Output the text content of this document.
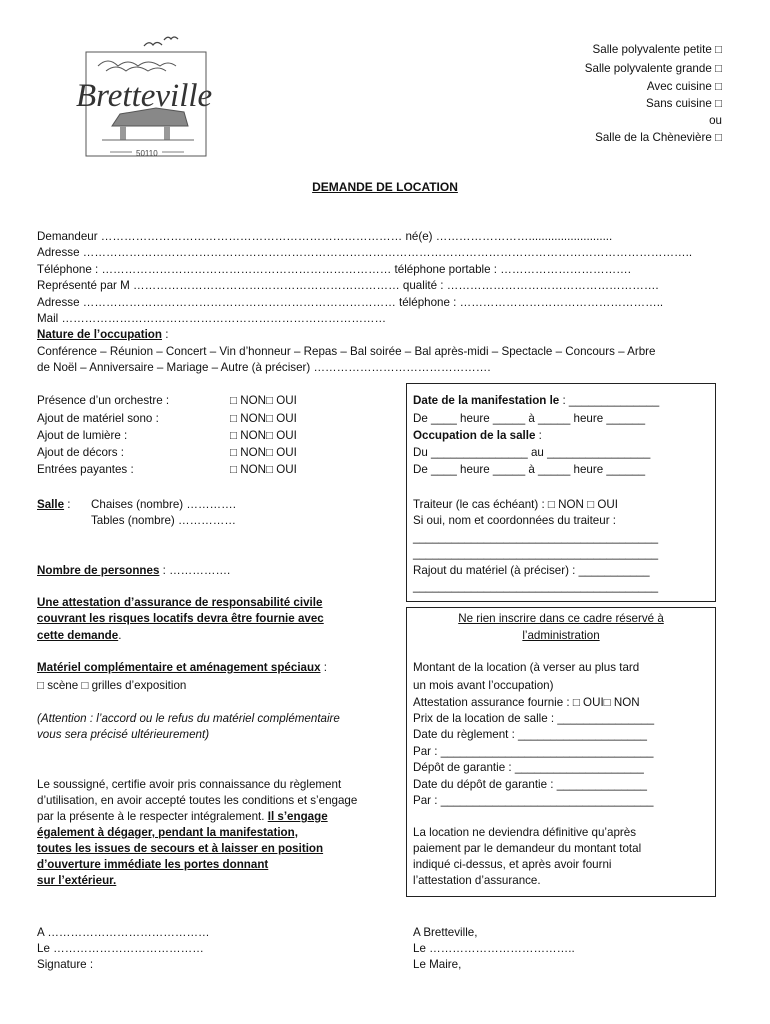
Bretteville
50110
Salle polyvalente petite □
Salle polyvalente grande □
Avec cuisine □
Sans cuisine □
ou
Salle de la Chènevière □
DEMANDE DE LOCATION
Demandeur …………………………………………………………………… né(e) ……………………..........................
Adresse …………………………………………………………………………………………………………………………………………..
Téléphone : ………………………………………………………………… téléphone portable : …………………………….
Représenté par M …………………………………………………………… qualité : ……………………………………………….
Adresse ……………………………………………………………………… téléphone : ……………………………………………..
Mail …………………………………………………………………………
Nature de l’occupation :
Conférence – Réunion – Concert – Vin d’honneur – Repas – Bal soirée – Bal après-midi – Spectacle – Concours – Arbre
de Noël – Anniversaire – Mariage – Autre (à préciser) ……………………………………….
Présence d’un orchestre :	□ NON□ OUI
Ajout de matériel sono :	□ NON□ OUI
Ajout de lumière :	□ NON□ OUI
Ajout de décors :	□ NON□ OUI
Entrées payantes :	□ NON□ OUI
Salle : Chaises (nombre) ………….
Tables (nombre) ……………
Nombre de personnes : …………….
Une attestation d’assurance de responsabilité civile
couvrant les risques locatifs devra être fournie avec
cette demande.
Matériel complémentaire et aménagement spéciaux :
□ scène □ grilles d’exposition
(Attention : l’accord ou le refus du matériel complémentaire
vous sera précisé ultérieurement)
Le soussigné, certifie avoir pris connaissance du règlement
d’utilisation, en avoir accepté toutes les conditions et s’engage
par la présente à le respecter intégralement. Il s’engage
également à dégager, pendant la manifestation,
toutes les issues de secours et à laisser en position
d’ouverture immédiate les portes donnant
sur l’extérieur.
A ……………………………………
Le …………………………………
Signature :
Date de la manifestation le : ______________
De ____ heure _____ à _____ heure ______
Occupation de la salle :
Du _______________ au ________________
De ____ heure _____ à _____ heure ______
Traiteur (le cas échéant) : □ NON □ OUI
Si oui, nom et coordonnées du traiteur :
______________________________________
______________________________________
Rajout du matériel (à préciser) : ___________
______________________________________
Ne rien inscrire dans ce cadre réservé à
l’administration
Montant de la location (à verser au plus tard
un mois avant l’occupation)
Attestation assurance fournie : □ OUI□ NON
Prix de la location de salle : _______________
Date du règlement : ____________________
Par : _________________________________
Dépôt de garantie : ____________________
Date du dépôt de garantie : ______________
Par : _________________________________
La location ne deviendra définitive qu’après
paiement par le demandeur du montant total
indiqué ci-dessus, et après avoir fourni
l’attestation d’assurance.
A Bretteville,
Le ………………………………..
Le Maire,
